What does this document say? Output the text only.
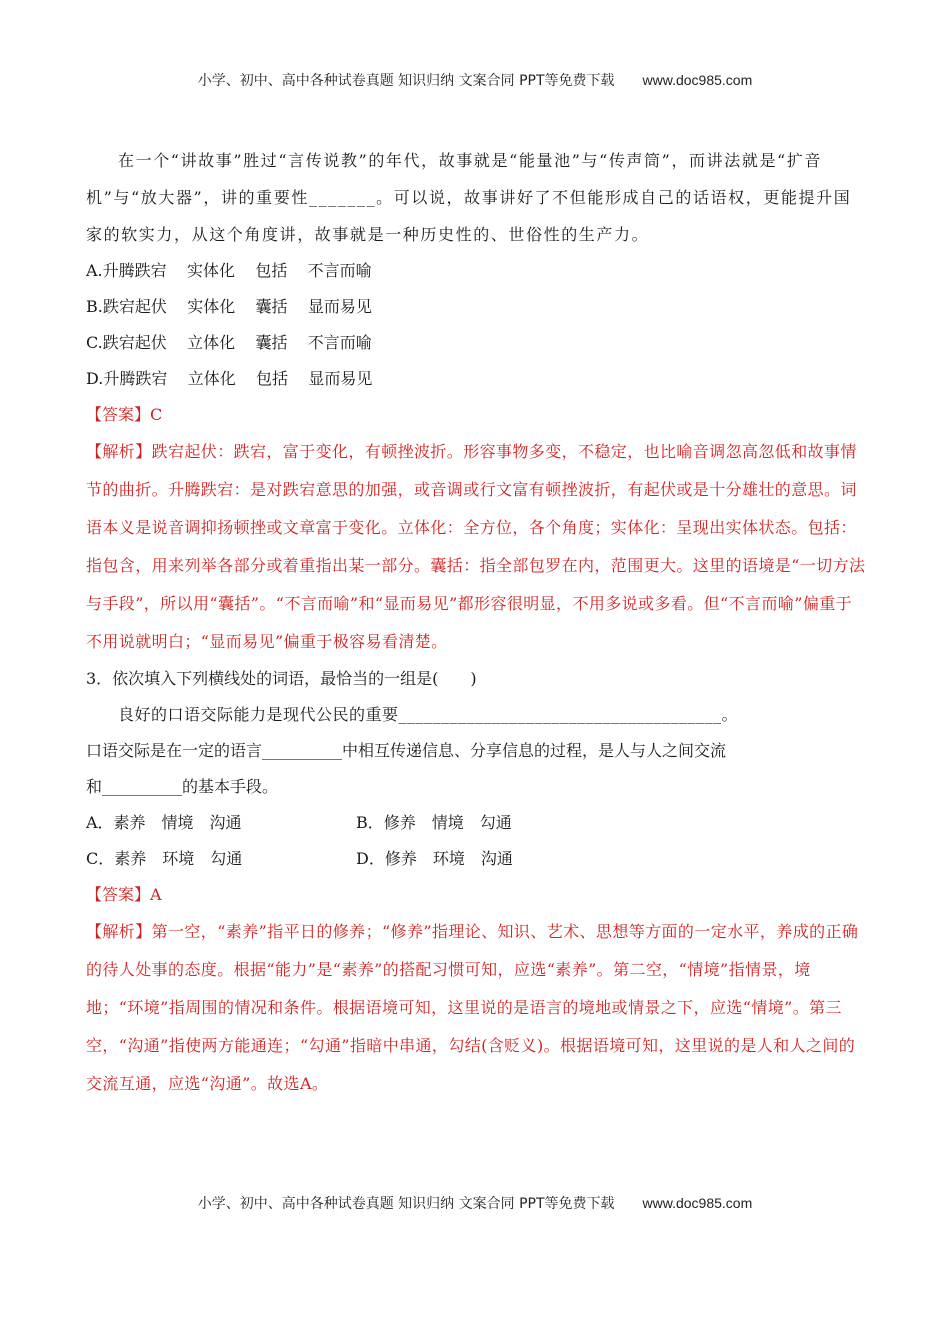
小学、初中、高中各种试卷真题 知识归纳 文案合同 PPT等免费下载 www.doc985.com

在一个“讲故事”胜过“言传说教”的年代，故事就是“能量池”与“传声筒”，而讲法就是“扩音机”与“放大器”，讲的重要性_______。可以说，故事讲好了不但能形成自己的话语权，更能提升国家的软实力，从这个角度讲，故事就是一种历史性的、世俗性的生产力。

A.升腾跌宕    实体化    包括    不言而喻

B.跌宕起伏    实体化    囊括    显而易见

C.跌宕起伏    立体化    囊括    不言而喻

D.升腾跌宕    立体化    包括    显而易见

【答案】C

【解析】跌宕起伏：跌宕，富于变化，有顿挫波折。形容事物多变，不稳定，也比喻音调忽高忽低和故事情节的曲折。升腾跌宕：是对跌宕意思的加强，或音调或行文富有顿挫波折，有起伏或是十分雄壮的意思。词语本义是说音调抑扬顿挫或文章富于变化。立体化：全方位，各个角度；实体化：呈现出实体状态。包括：指包含，用来列举各部分或着重指出某一部分。囊括：指全部包罗在内，范围更大。这里的语境是“一切方法与手段”，所以用“囊括”。“不言而喻”和“显而易见”都形容很明显，不用多说或多看。但“不言而喻”偏重于不用说就明白；“显而易见”偏重于极容易看清楚。

3．依次填入下列横线处的词语，最恰当的一组是(　　)

良好的口语交际能力是现代公民的重要______________________________________。

口语交际是在一定的语言__________中相互传递信息、分享信息的过程，是人与人之间交流

和__________的基本手段。

A．素养　情境　沟通	B．修养　情境　勾通

C．素养　环境　勾通	D．修养　环境　沟通

【答案】A

【解析】第一空，“素养”指平日的修养；“修养”指理论、知识、艺术、思想等方面的一定水平，养成的正确的待人处事的态度。根据“能力”是“素养”的搭配习惯可知，应选“素养”。第二空，“情境”指情景，境地；“环境”指周围的情况和条件。根据语境可知，这里说的是语言的境地或情景之下，应选“情境”。第三空，“沟通”指使两方能通连；“勾通”指暗中串通，勾结(含贬义)。根据语境可知，这里说的是人和人之间的交流互通，应选“沟通”。故选A。

小学、初中、高中各种试卷真题 知识归纳 文案合同 PPT等免费下载 www.doc985.com
